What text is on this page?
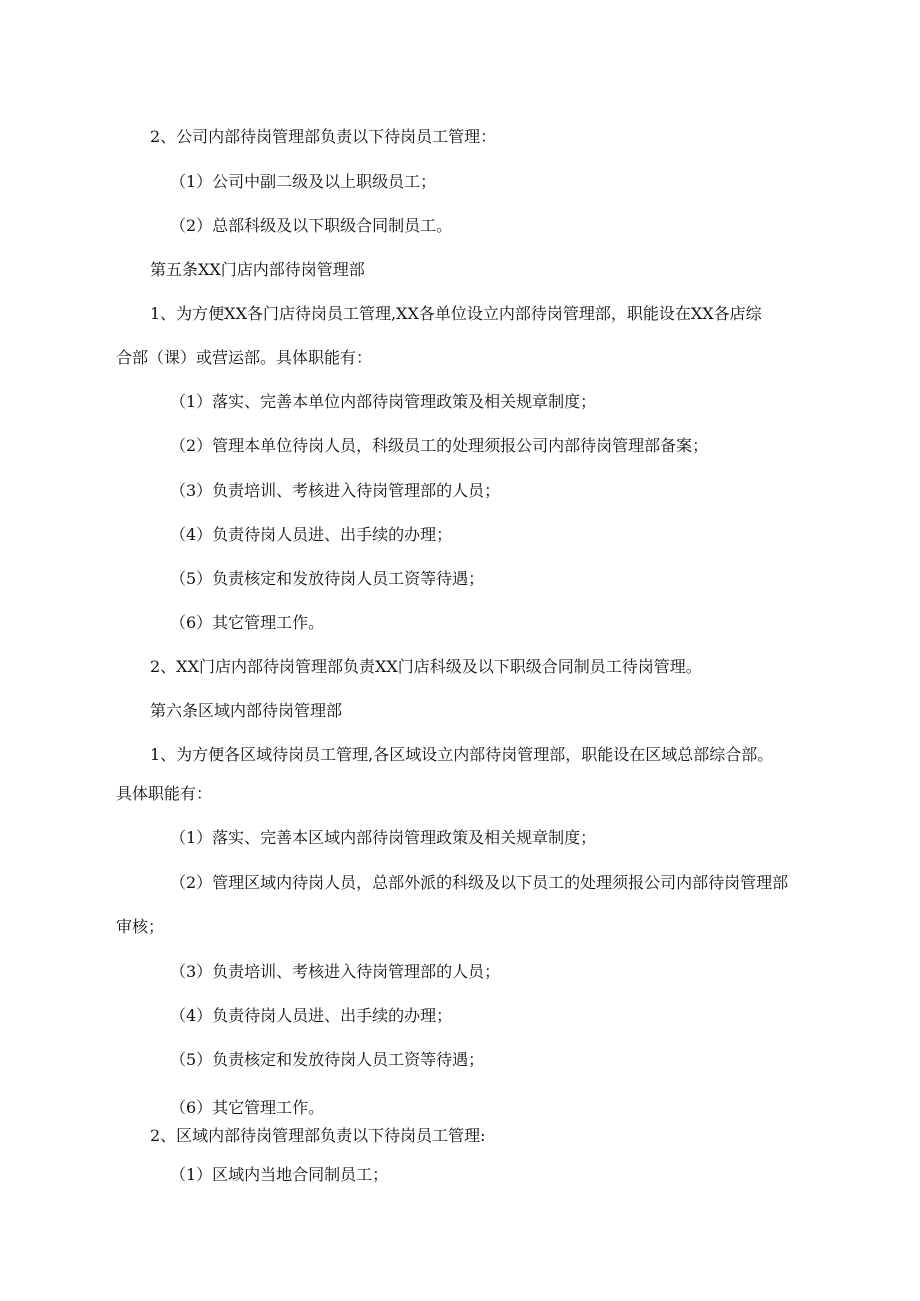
2、公司内部待岗管理部负责以下待岗员工管理：
（1）公司中副二级及以上职级员工；
（2）总部科级及以下职级合同制员工。
第五条XX门店内部待岗管理部
1、为方便XX各门店待岗员工管理,XX各单位设立内部待岗管理部，职能设在XX各店综
合部（课）或营运部。具体职能有：
（1）落实、完善本单位内部待岗管理政策及相关规章制度；
（2）管理本单位待岗人员，科级员工的处理须报公司内部待岗管理部备案；
（3）负责培训、考核进入待岗管理部的人员；
（4）负责待岗人员进、出手续的办理；
（5）负责核定和发放待岗人员工资等待遇；
（6）其它管理工作。
2、XX门店内部待岗管理部负责XX门店科级及以下职级合同制员工待岗管理。
第六条区域内部待岗管理部
1、为方便各区域待岗员工管理,各区域设立内部待岗管理部，职能设在区域总部综合部。
具体职能有：
（1）落实、完善本区域内部待岗管理政策及相关规章制度；
（2）管理区域内待岗人员，总部外派的科级及以下员工的处理须报公司内部待岗管理部
审核；
（3）负责培训、考核进入待岗管理部的人员；
（4）负责待岗人员进、出手续的办理；
（5）负责核定和发放待岗人员工资等待遇；
（6）其它管理工作。
2、区域内部待岗管理部负责以下待岗员工管理:
（1）区域内当地合同制员工；
